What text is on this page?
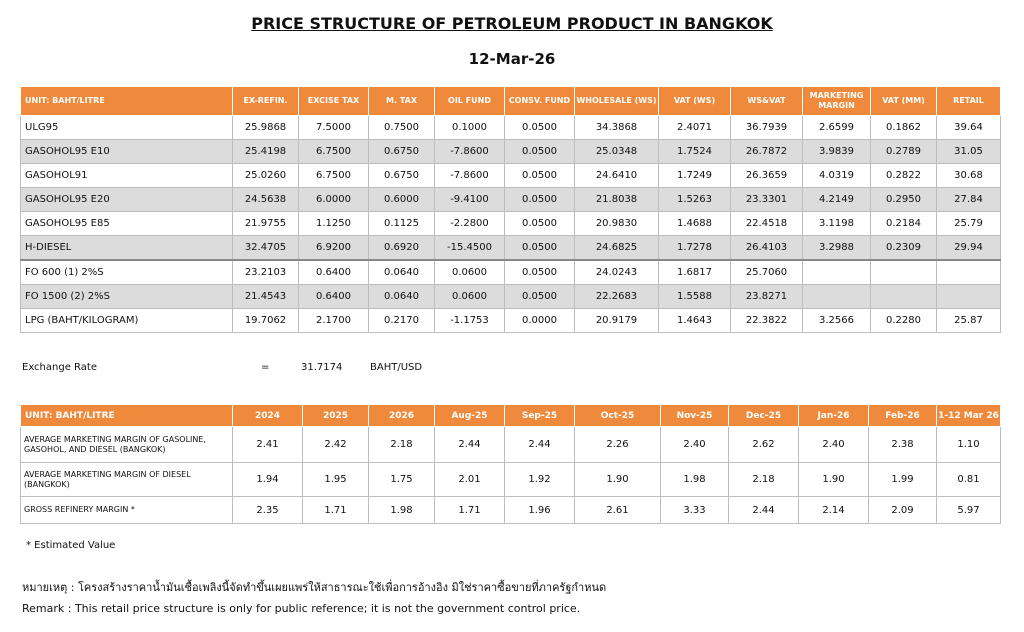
PRICE STRUCTURE OF PETROLEUM PRODUCT IN BANGKOK
12-Mar-26
UNIT: BAHT/LITRE	EX-REFIN.	EXCISE TAX	M. TAX	OIL FUND	CONSV. FUND	WHOLESALE (WS)	VAT (WS)	WS&VAT	MARKETING MARGIN	VAT (MM)	RETAIL
ULG95	25.9868	7.5000	0.7500	0.1000	0.0500	34.3868	2.4071	36.7939	2.6599	0.1862	39.64
GASOHOL95 E10	25.4198	6.7500	0.6750	-7.8600	0.0500	25.0348	1.7524	26.7872	3.9839	0.2789	31.05
GASOHOL91	25.0260	6.7500	0.6750	-7.8600	0.0500	24.6410	1.7249	26.3659	4.0319	0.2822	30.68
GASOHOL95 E20	24.5638	6.0000	0.6000	-9.4100	0.0500	21.8038	1.5263	23.3301	4.2149	0.2950	27.84
GASOHOL95 E85	21.9755	1.1250	0.1125	-2.2800	0.0500	20.9830	1.4688	22.4518	3.1198	0.2184	25.79
H-DIESEL	32.4705	6.9200	0.6920	-15.4500	0.0500	24.6825	1.7278	26.4103	3.2988	0.2309	29.94
FO 600 (1) 2%S	23.2103	0.6400	0.0640	0.0600	0.0500	24.0243	1.6817	25.7060			
FO 1500 (2) 2%S	21.4543	0.6400	0.0640	0.0600	0.0500	22.2683	1.5588	23.8271			
LPG (BAHT/KILOGRAM)	19.7062	2.1700	0.2170	-1.1753	0.0000	20.9179	1.4643	22.3822	3.2566	0.2280	25.87
Exchange Rate	=	31.7174	BAHT/USD
UNIT: BAHT/LITRE	2024	2025	2026	Aug-25	Sep-25	Oct-25	Nov-25	Dec-25	Jan-26	Feb-26	1-12 Mar 26
AVERAGE MARKETING MARGIN OF GASOLINE, GASOHOL, AND DIESEL (BANGKOK)	2.41	2.42	2.18	2.44	2.44	2.26	2.40	2.62	2.40	2.38	1.10
AVERAGE MARKETING MARGIN OF DIESEL (BANGKOK)	1.94	1.95	1.75	2.01	1.92	1.90	1.98	2.18	1.90	1.99	0.81
GROSS REFINERY MARGIN *	2.35	1.71	1.98	1.71	1.96	2.61	3.33	2.44	2.14	2.09	5.97
* Estimated Value
หมายเหตุ : โครงสร้างราคาน้ำมันเชื้อเพลิงนี้จัดทำขึ้นเผยแพร่ให้สาธารณะใช้เพื่อการอ้างอิง มิใช่ราคาซื้อขายที่ภาครัฐกำหนด
Remark : This retail price structure is only for public reference; it is not the government control price.
